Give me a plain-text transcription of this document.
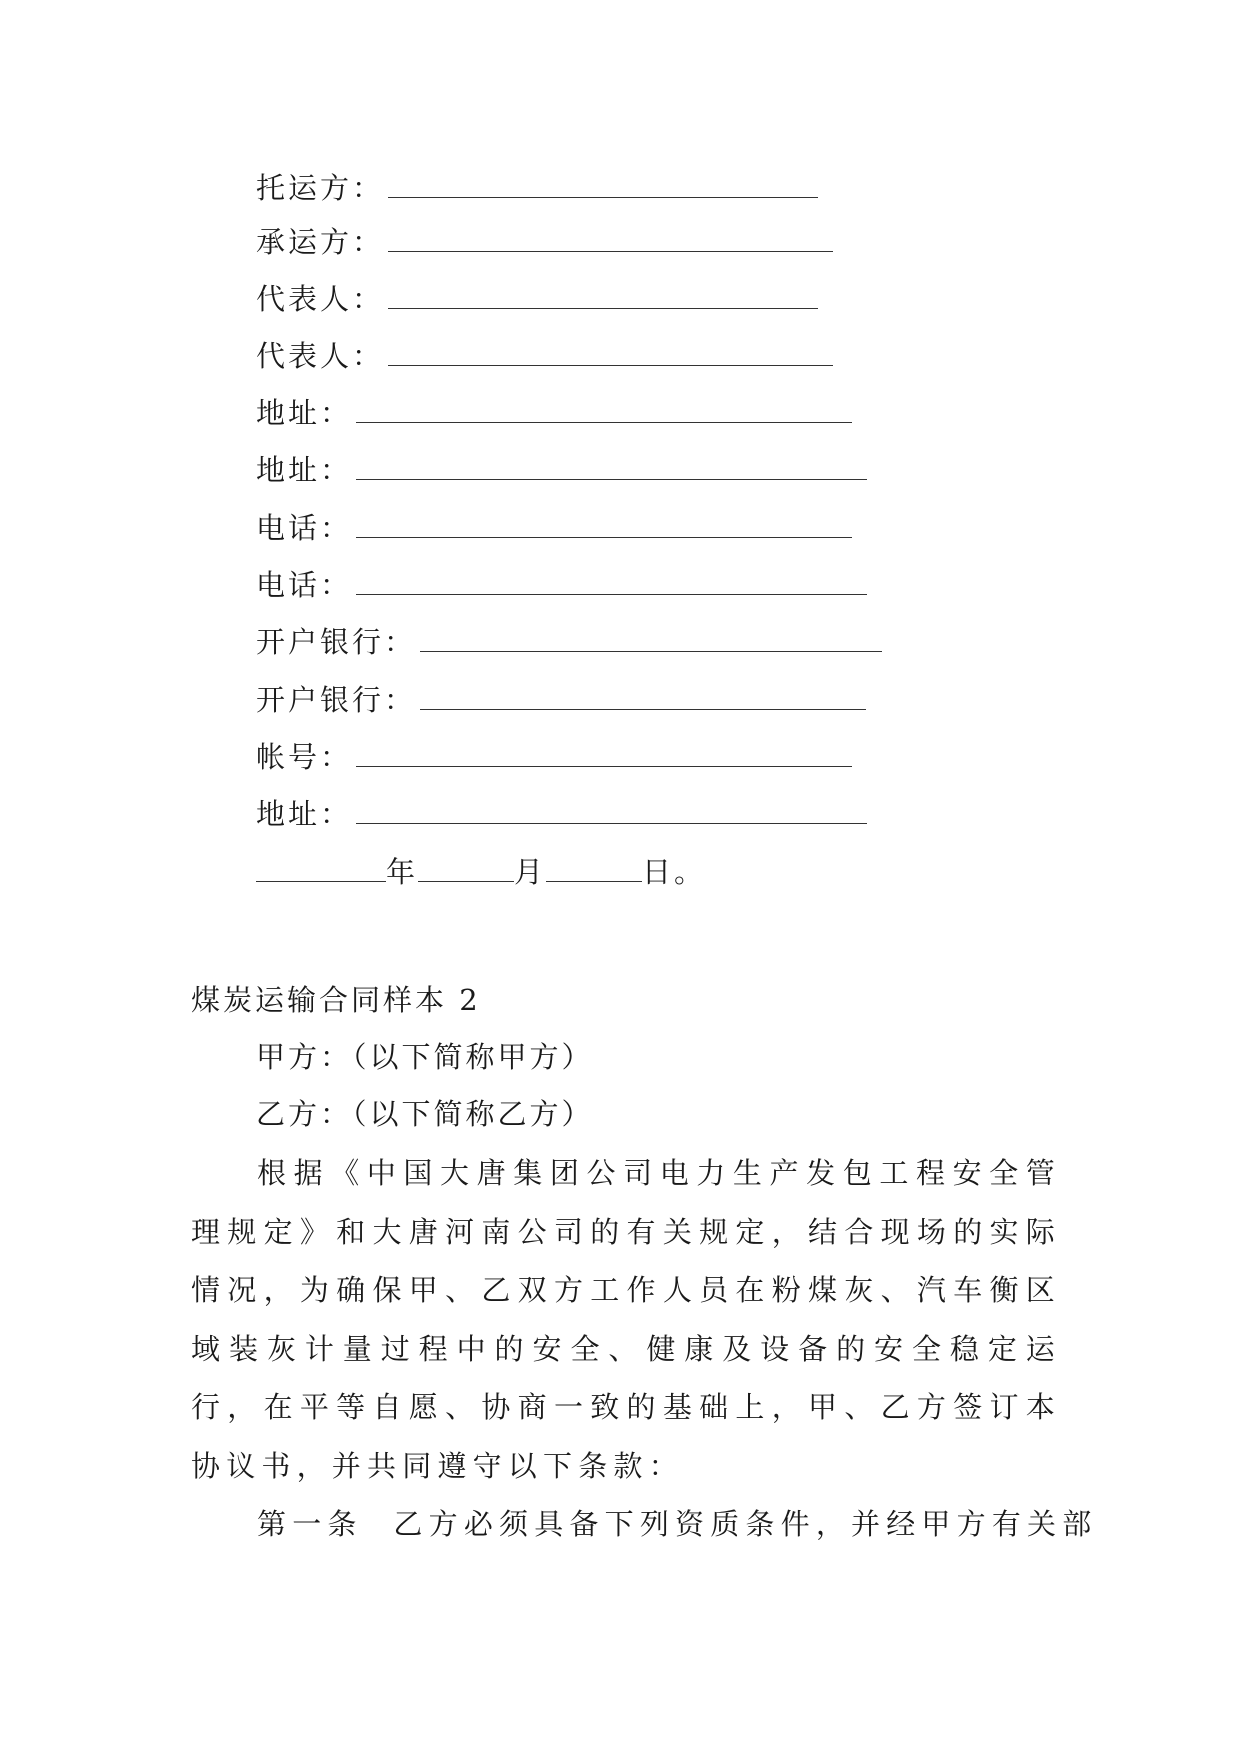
托运方：
承运方：
代表人：
代表人：
地址：
地址：
电话：
电话：
开户银行：
开户银行：
帐号：
地址：
年	月	日。
煤炭运输合同样本 2
甲方：（以下简称甲方）
乙方：（以下简称乙方）
根据《中国大唐集团公司电力生产发包工程安全管理规定》和大唐河南公司的有关规定，结合现场的实际情况，为确保甲、乙双方工作人员在粉煤灰、汽车衡区域装灰计量过程中的安全、健康及设备的安全稳定运行，在平等自愿、协商一致的基础上，甲、乙方签订本协议书，并共同遵守以下条款：
第一条  乙方必须具备下列资质条件，并经甲方有关部
